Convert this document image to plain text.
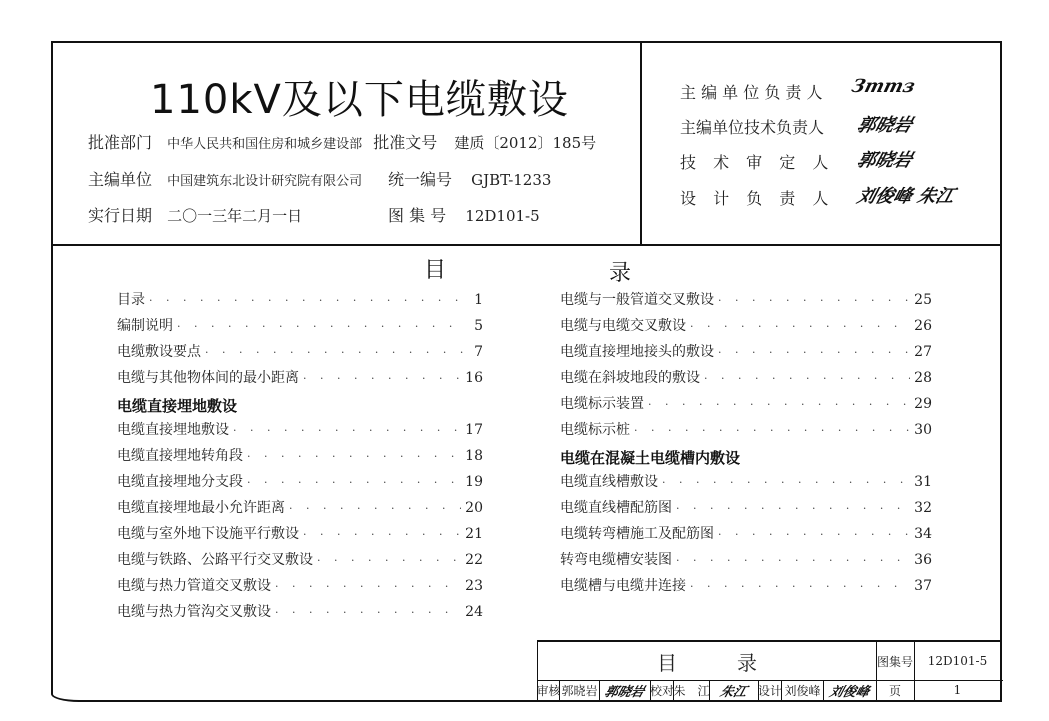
110kV及以下电缆敷设
批准部门 中华人民共和国住房和城乡建设部 批准文号 建质〔2012〕185号
主编单位 中国建筑东北设计研究院有限公司 统一编号 GJBT-1233
实行日期 二〇一三年二月一日	图 集 号 12D101-5
主 编 单 位 负 责 人 Зmmз
主编单位技术负责人 郭晓岩
技 术 审 定 人 郭晓岩
设 计 负 责 人 刘俊峰 朱江
目	录
目录 · · ·	1
编制说明 · · ·	5
电缆敷设要点 · · ·	7
电缆与其他物体间的最小距离 · · ·	16
电缆直接埋地敷设
电缆直接埋地敷设 · · ·	17
电缆直接埋地转角段 · · ·	18
电缆直接埋地分支段 · · ·	19
电缆直接埋地最小允许距离 · · ·	20
电缆与室外地下设施平行敷设 · · ·	21
电缆与铁路、公路平行交叉敷设 · · ·	22
电缆与热力管道交叉敷设 · · ·	23
电缆与热力管沟交叉敷设 · · ·	24
电缆与一般管道交叉敷设 · · ·	25
电缆与电缆交叉敷设 · · ·	26
电缆直接埋地接头的敷设 · · ·	27
电缆在斜坡地段的敷设 · · ·	28
电缆标示装置 · · ·	29
电缆标示桩 · · ·	30
电缆在混凝土电缆槽内敷设
电缆直线槽敷设 · · ·	31
电缆直线槽配筋图 · · ·	32
电缆转弯槽施工及配筋图 · · ·	34
转弯电缆槽安装图 · · ·	36
电缆槽与电缆井连接 · · ·	37
目录	图集号	12D101-5
审核 郭晓岩 郭晓岩 校对 朱　江 朱江 设计 刘俊峰 刘俊峰	页	1
